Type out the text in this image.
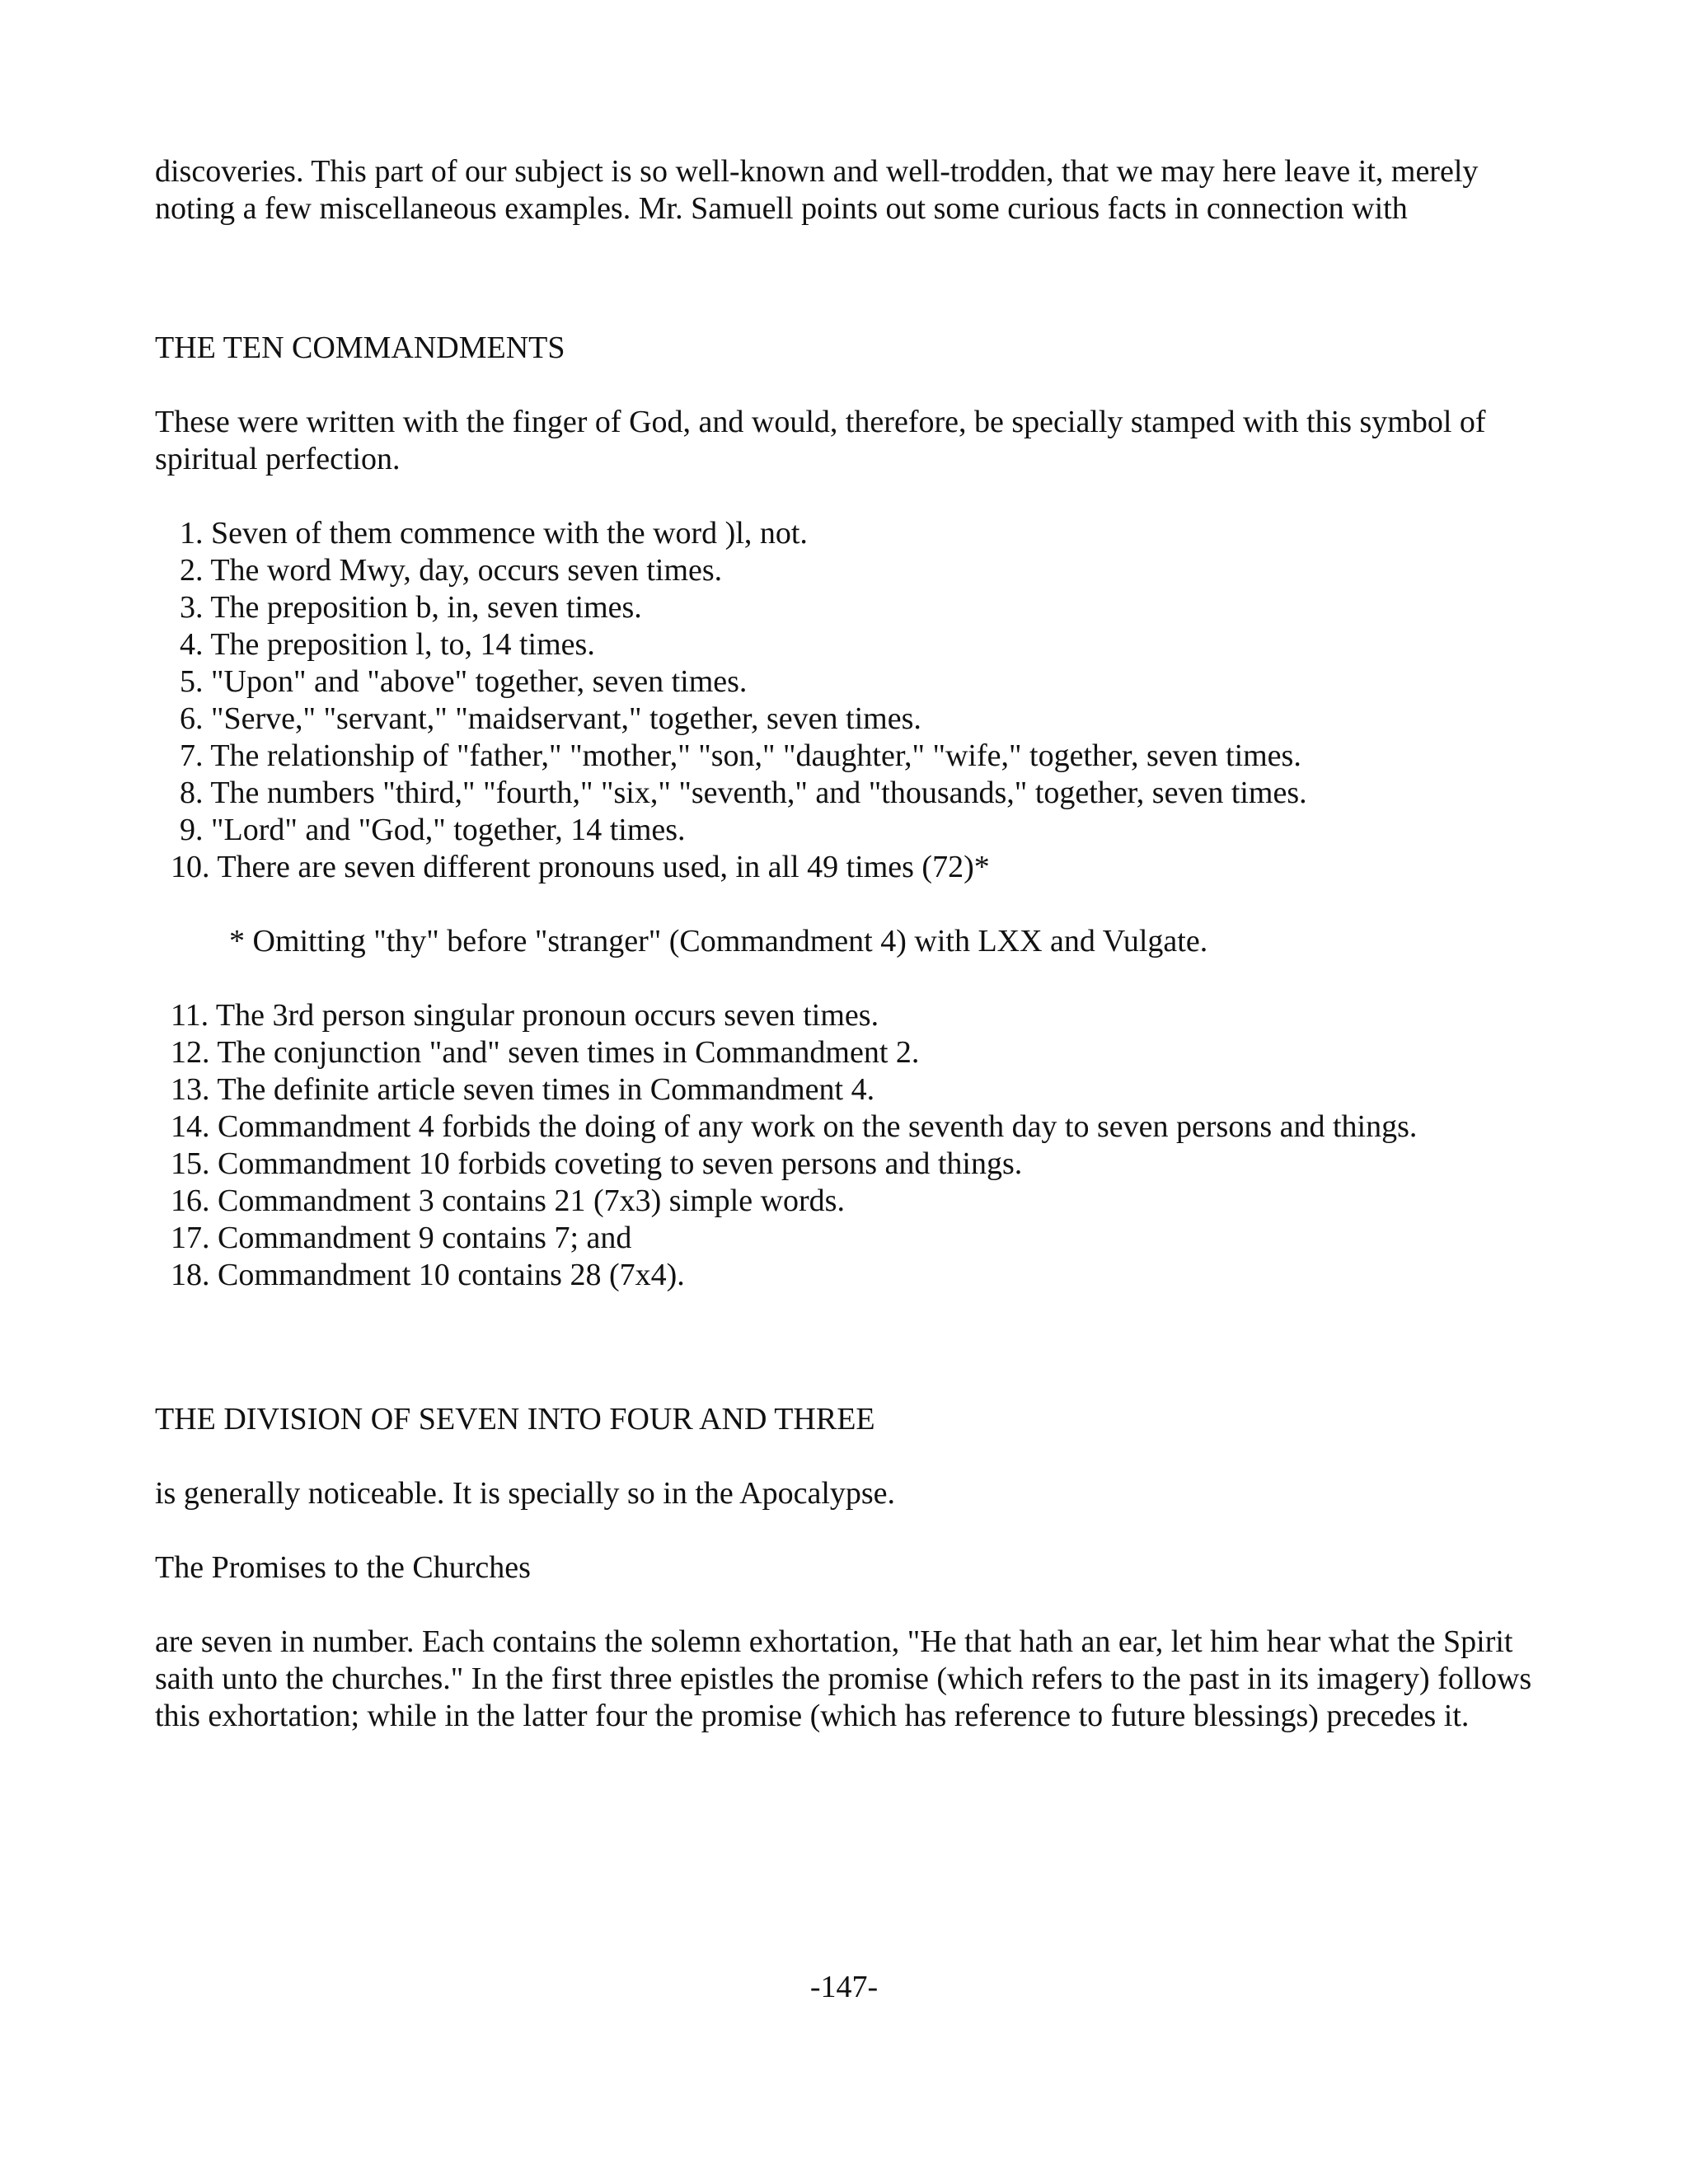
discoveries. This part of our subject is so well-known and well-trodden, that we may here leave it, merely noting a few miscellaneous examples. Mr. Samuell points out some curious facts in connection with

THE TEN COMMANDMENTS

These were written with the finger of God, and would, therefore, be specially stamped with this symbol of spiritual perfection.

1. Seven of them commence with the word )l, not.
2. The word Mwy, day, occurs seven times.
3. The preposition b, in, seven times.
4. The preposition l, to, 14 times.
5. "Upon" and "above" together, seven times.
6. "Serve," "servant," "maidservant," together, seven times.
7. The relationship of "father," "mother," "son," "daughter," "wife," together, seven times.
8. The numbers "third," "fourth," "six," "seventh," and "thousands," together, seven times.
9. "Lord" and "God," together, 14 times.
10. There are seven different pronouns used, in all 49 times (72)*

* Omitting "thy" before "stranger" (Commandment 4) with LXX and Vulgate.

11. The 3rd person singular pronoun occurs seven times.
12. The conjunction "and" seven times in Commandment 2.
13. The definite article seven times in Commandment 4.
14. Commandment 4 forbids the doing of any work on the seventh day to seven persons and things.
15. Commandment 10 forbids coveting to seven persons and things.
16. Commandment 3 contains 21 (7x3) simple words.
17. Commandment 9 contains 7; and
18. Commandment 10 contains 28 (7x4).

THE DIVISION OF SEVEN INTO FOUR AND THREE

is generally noticeable. It is specially so in the Apocalypse.

The Promises to the Churches

are seven in number. Each contains the solemn exhortation, "He that hath an ear, let him hear what the Spirit saith unto the churches." In the first three epistles the promise (which refers to the past in its imagery) follows this exhortation; while in the latter four the promise (which has reference to future blessings) precedes it.

-147-
